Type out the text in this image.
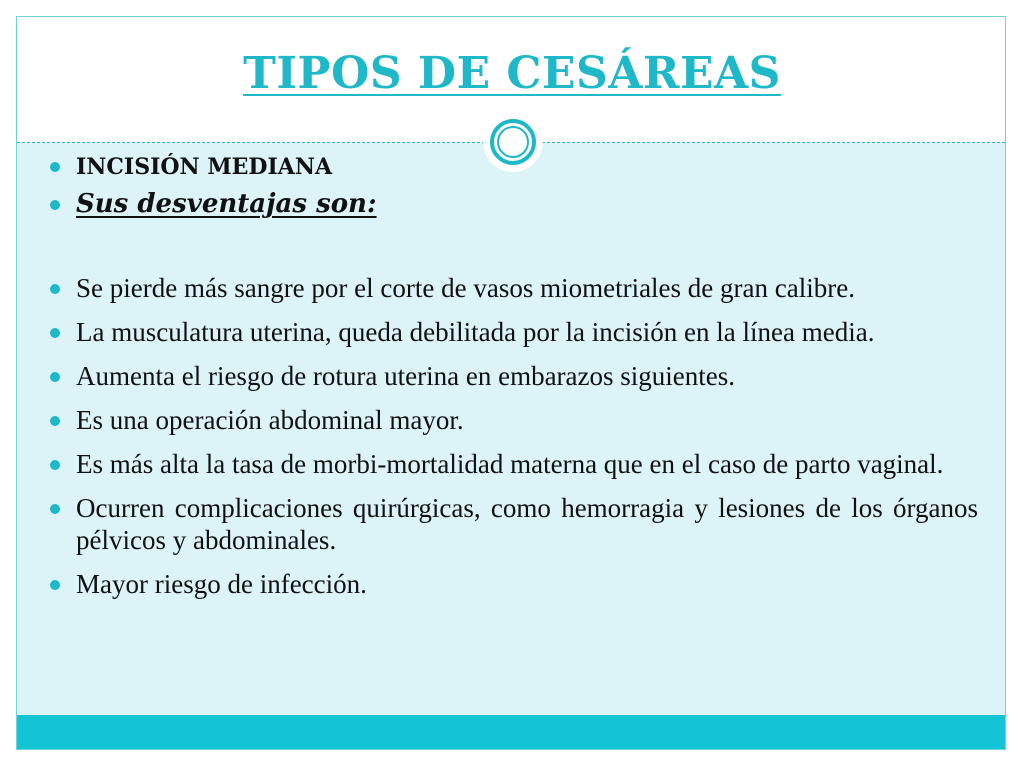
TIPOS DE CESÁREAS
INCISIÓN MEDIANA
Sus desventajas son:
Se pierde más sangre por el corte de vasos miometriales de gran calibre.
La musculatura uterina, queda debilitada por la incisión en la línea media.
Aumenta el riesgo de rotura uterina en embarazos siguientes.
Es una operación abdominal mayor.
Es más alta la tasa de morbi-mortalidad materna que en el caso de parto vaginal.
Ocurren complicaciones quirúrgicas, como hemorragia y lesiones de los órganos pélvicos y abdominales.
Mayor riesgo de infección.
